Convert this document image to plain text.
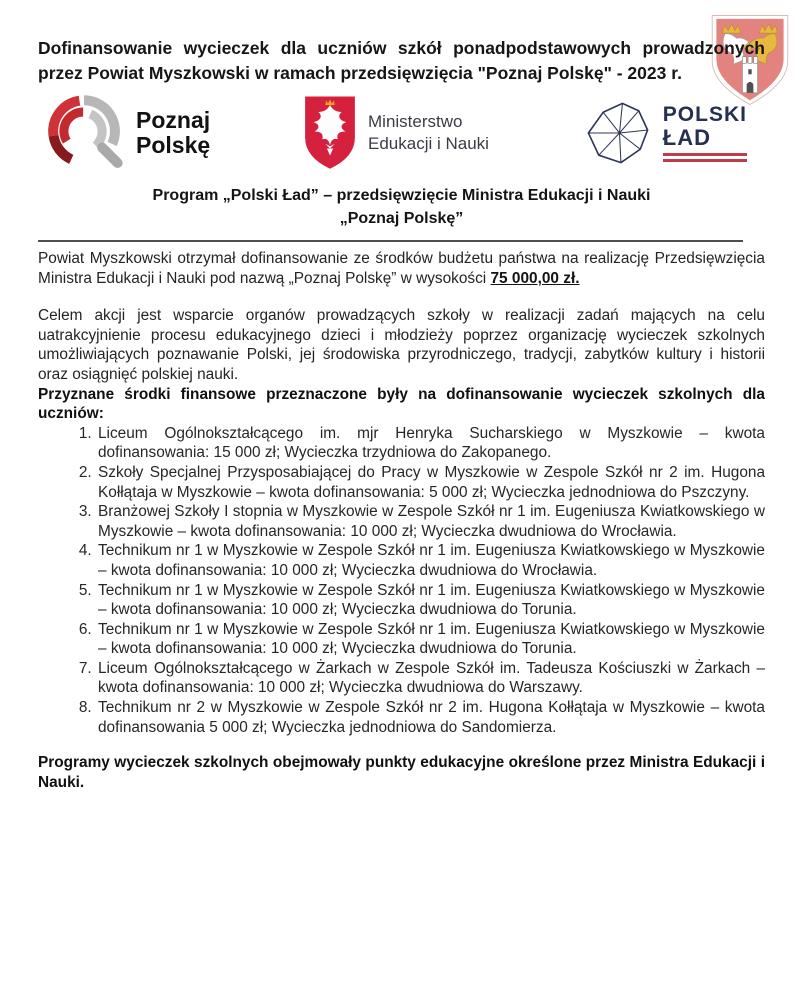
Dofinansowanie wycieczek dla uczniów szkół ponadpodstawowych prowadzonych przez Powiat Myszkowski w ramach przedsięwzięcia "Poznaj Polskę" - 2023 r.
Poznaj
Polskę
Ministerstwo
Edukacji i Nauki
POLSKI
ŁAD
Program „Polski Ład” – przedsięwzięcie Ministra Edukacji i Nauki
„Poznaj Polskę”

Powiat Myszkowski otrzymał dofinansowanie ze środków budżetu państwa na realizację Przedsięwzięcia Ministra Edukacji i Nauki pod nazwą „Poznaj Polskę” w wysokości 75 000,00 zł.

Celem akcji jest wsparcie organów prowadzących szkoły w realizacji zadań mających na celu uatrakcyjnienie procesu edukacyjnego dzieci i młodzieży poprzez organizację wycieczek szkolnych umożliwiających poznawanie Polski, jej środowiska przyrodniczego, tradycji, zabytków kultury i historii oraz osiągnięć polskiej nauki.

Przyznane środki finansowe przeznaczone były na dofinansowanie wycieczek szkolnych dla uczniów:

1. Liceum Ogólnokształcącego im. mjr Henryka Sucharskiego w Myszkowie – kwota dofinansowania: 15 000 zł; Wycieczka trzydniowa do Zakopanego.
2. Szkoły Specjalnej Przysposabiającej do Pracy w Myszkowie w Zespole Szkół nr 2 im. Hugona Kołłątaja w Myszkowie – kwota dofinansowania: 5 000 zł; Wycieczka jednodniowa do Pszczyny.
3. Branżowej Szkoły I stopnia w Myszkowie w Zespole Szkół nr 1 im. Eugeniusza Kwiatkowskiego w Myszkowie – kwota dofinansowania: 10 000 zł; Wycieczka dwudniowa do Wrocławia.
4. Technikum nr 1 w Myszkowie w Zespole Szkół nr 1 im. Eugeniusza Kwiatkowskiego w Myszkowie – kwota dofinansowania: 10 000 zł; Wycieczka dwudniowa do Wrocławia.
5. Technikum nr 1 w Myszkowie w Zespole Szkół nr 1 im. Eugeniusza Kwiatkowskiego w Myszkowie – kwota dofinansowania: 10 000 zł; Wycieczka dwudniowa do Torunia.
6. Technikum nr 1 w Myszkowie w Zespole Szkół nr 1 im. Eugeniusza Kwiatkowskiego w Myszkowie – kwota dofinansowania: 10 000 zł; Wycieczka dwudniowa do Torunia.
7. Liceum Ogólnokształcącego w Żarkach w Zespole Szkół im. Tadeusza Kościuszki w Żarkach – kwota dofinansowania: 10 000 zł; Wycieczka dwudniowa do Warszawy.
8. Technikum nr 2 w Myszkowie w Zespole Szkół nr 2 im. Hugona Kołłątaja w Myszkowie – kwota dofinansowania 5 000 zł; Wycieczka jednodniowa do Sandomierza.

Programy wycieczek szkolnych obejmowały punkty edukacyjne określone przez Ministra Edukacji i Nauki.
